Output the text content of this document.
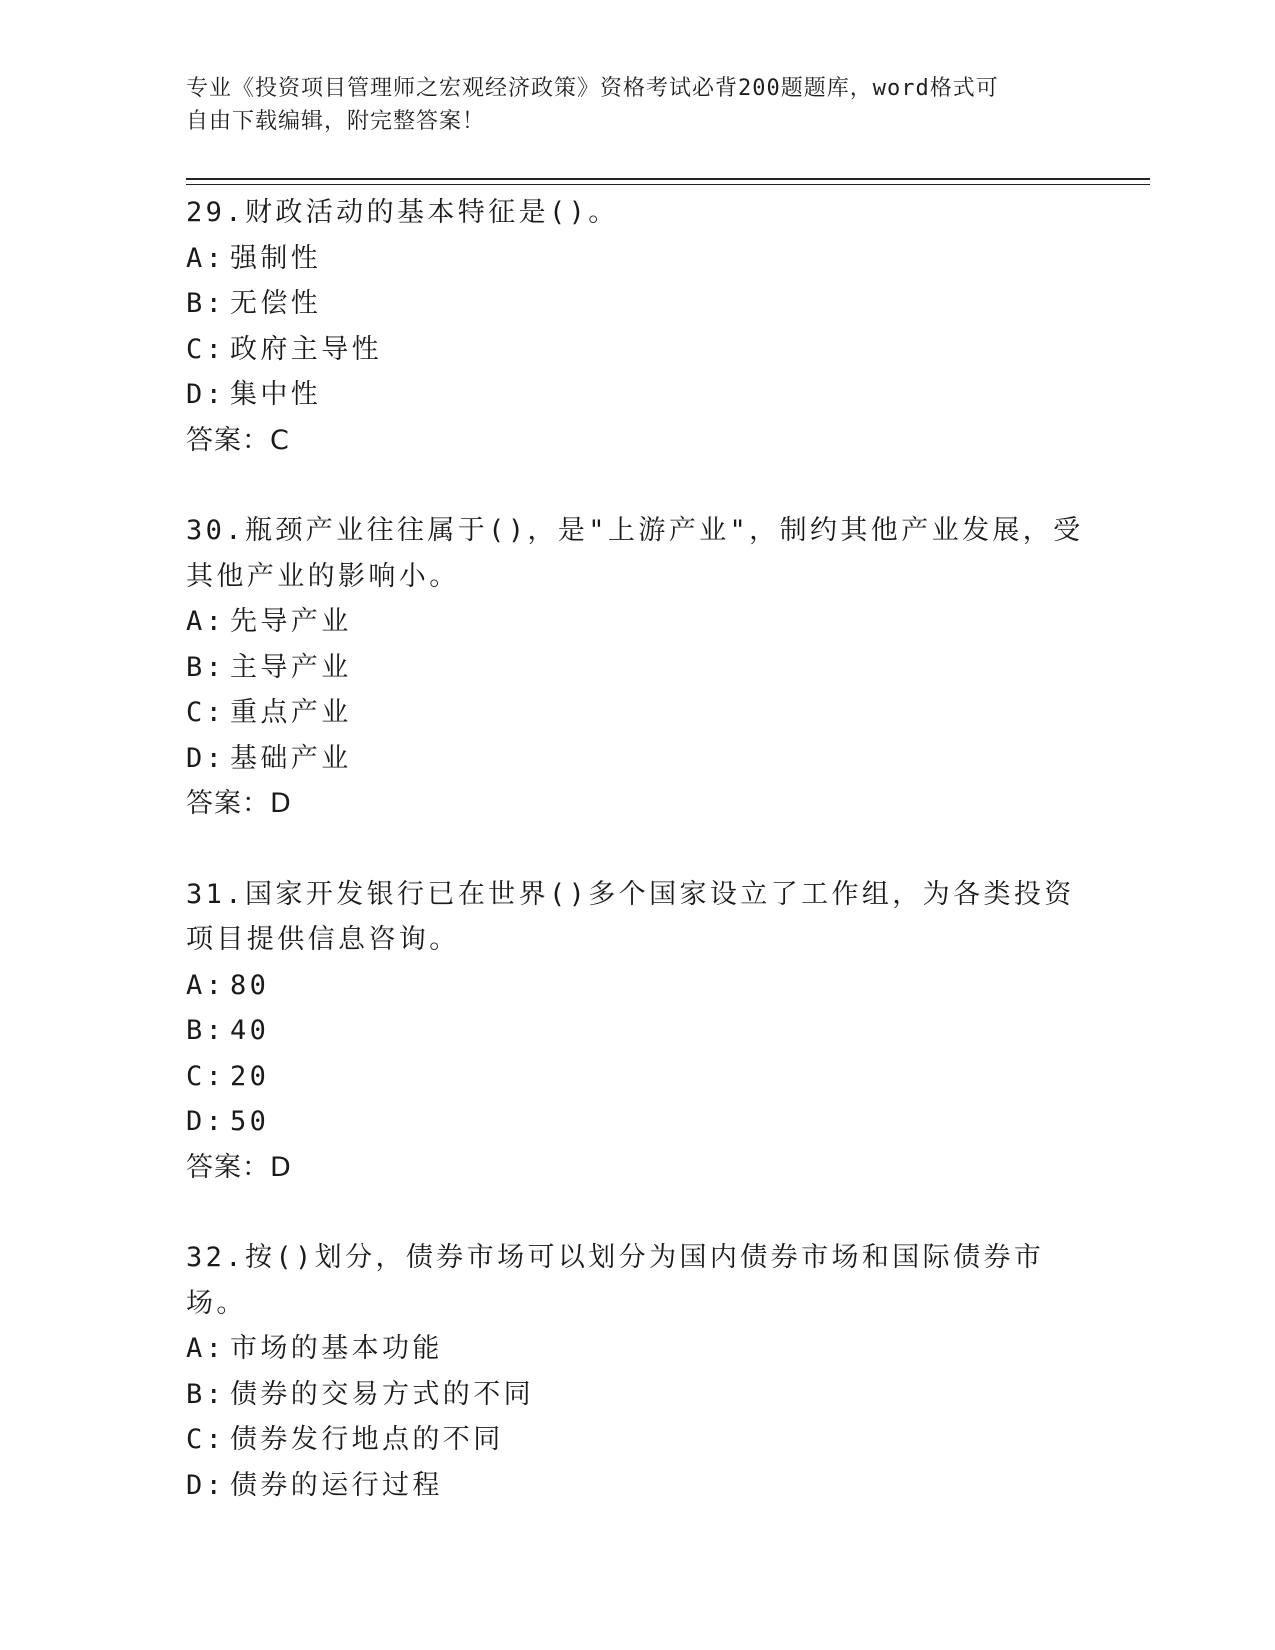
专业《投资项目管理师之宏观经济政策》资格考试必背200题题库，word格式可
自由下载编辑，附完整答案！
29.财政活动的基本特征是()。
A: 强制性
B: 无偿性
C: 政府主导性
D: 集中性
答案：C
30.瓶颈产业往往属于()，是"上游产业"，制约其他产业发展，受其他产业的影响小。
A: 先导产业
B: 主导产业
C: 重点产业
D: 基础产业
答案：D
31.国家开发银行已在世界()多个国家设立了工作组，为各类投资项目提供信息咨询。
A: 80
B: 40
C: 20
D: 50
答案：D
32.按()划分，债券市场可以划分为国内债券市场和国际债券市场。
A: 市场的基本功能
B: 债券的交易方式的不同
C: 债券发行地点的不同
D: 债券的运行过程
